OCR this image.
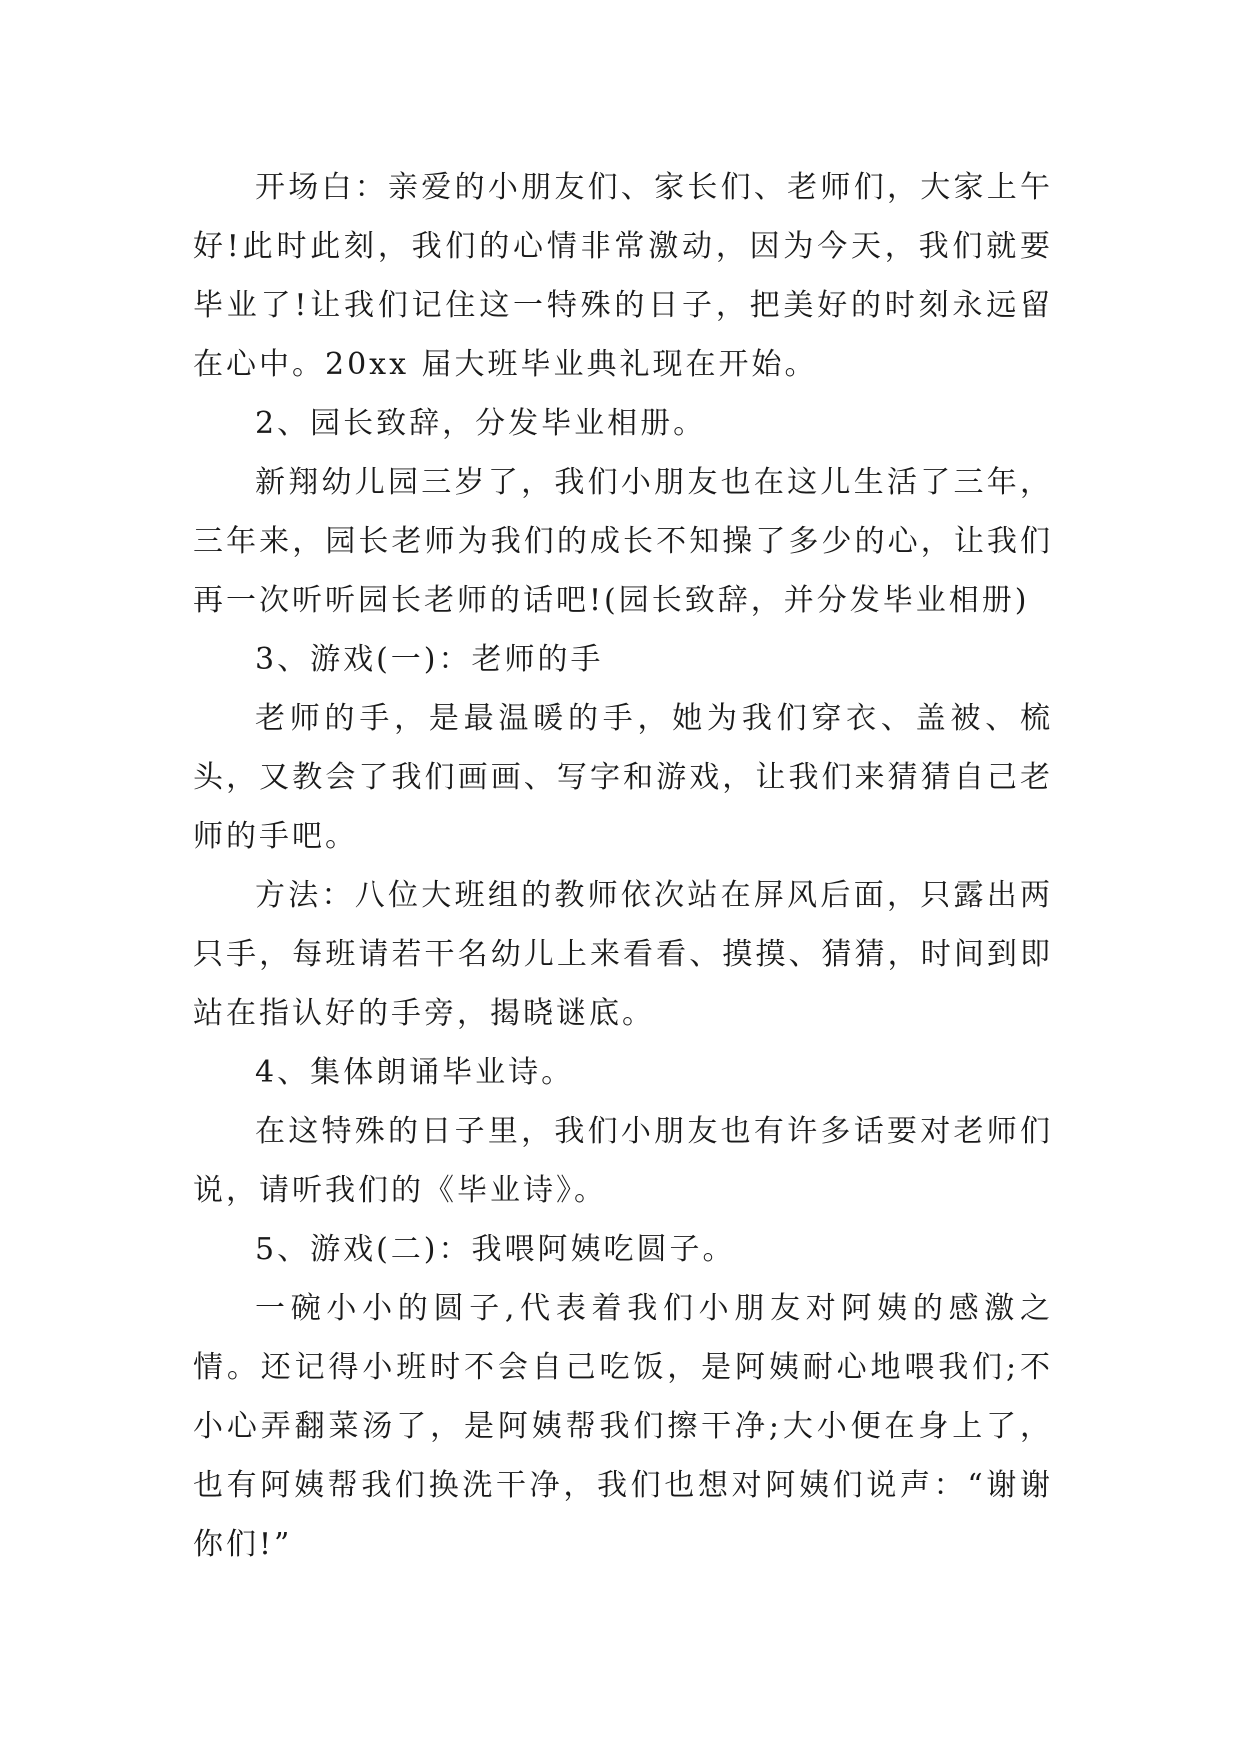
开场白：亲爱的小朋友们、家长们、老师们，大家上午好!此时此刻，我们的心情非常激动，因为今天，我们就要毕业了!让我们记住这一特殊的日子，把美好的时刻永远留在心中。20xx 届大班毕业典礼现在开始。

2、园长致辞，分发毕业相册。

新翔幼儿园三岁了，我们小朋友也在这儿生活了三年，三年来，园长老师为我们的成长不知操了多少的心，让我们再一次听听园长老师的话吧!(园长致辞，并分发毕业相册)

3、游戏(一)：老师的手

老师的手，是最温暖的手，她为我们穿衣、盖被、梳头，又教会了我们画画、写字和游戏，让我们来猜猜自己老师的手吧。

方法：八位大班组的教师依次站在屏风后面，只露出两只手，每班请若干名幼儿上来看看、摸摸、猜猜，时间到即站在指认好的手旁，揭晓谜底。

4、集体朗诵毕业诗。

在这特殊的日子里，我们小朋友也有许多话要对老师们说，请听我们的《毕业诗》。

5、游戏(二)：我喂阿姨吃圆子。

一碗小小的圆子,代表着我们小朋友对阿姨的感激之情。还记得小班时不会自己吃饭，是阿姨耐心地喂我们;不小心弄翻菜汤了，是阿姨帮我们擦干净;大小便在身上了，也有阿姨帮我们换洗干净，我们也想对阿姨们说声：“谢谢你们!”
